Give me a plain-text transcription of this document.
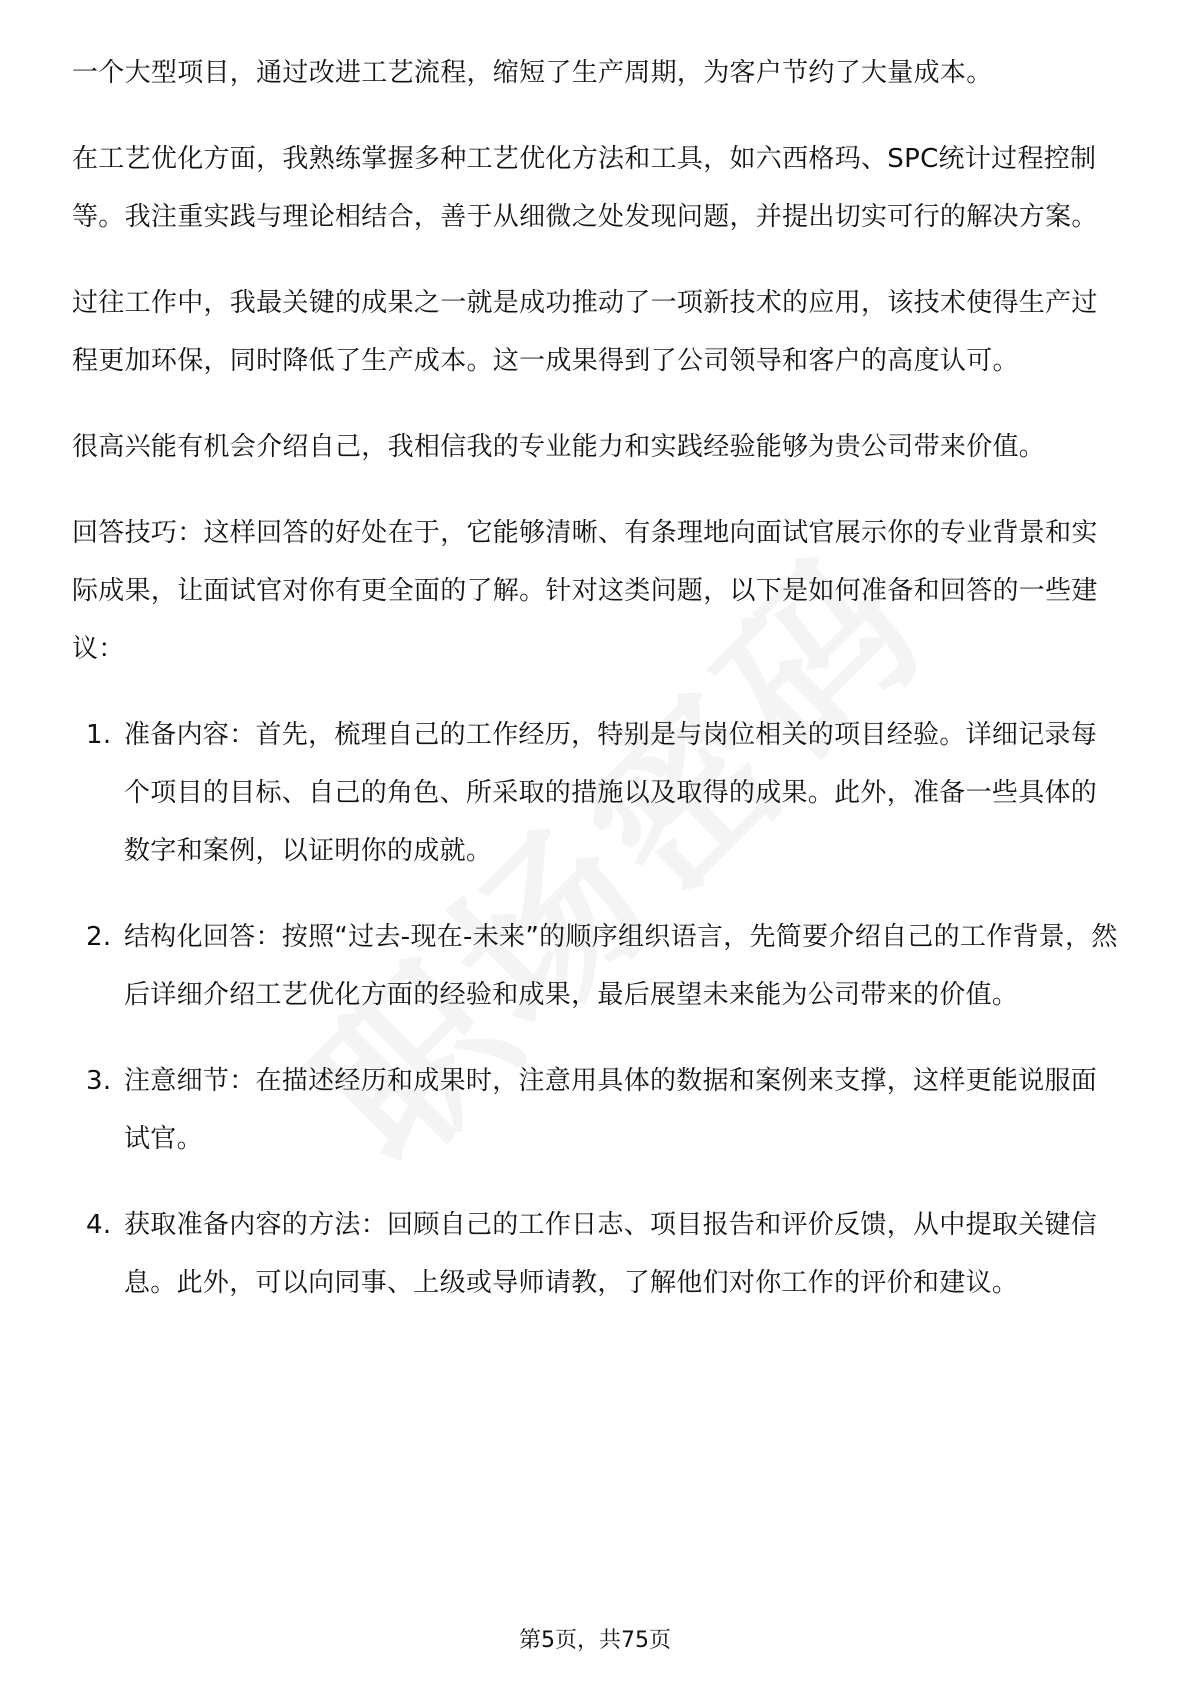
一个大型项目，通过改进工艺流程，缩短了生产周期，为客户节约了大量成本。

在工艺优化方面，我熟练掌握多种工艺优化方法和工具，如六西格玛、SPC统计过程控制等。我注重实践与理论相结合，善于从细微之处发现问题，并提出切实可行的解决方案。

过往工作中，我最关键的成果之一就是成功推动了一项新技术的应用，该技术使得生产过程更加环保，同时降低了生产成本。这一成果得到了公司领导和客户的高度认可。

很高兴能有机会介绍自己，我相信我的专业能力和实践经验能够为贵公司带来价值。

回答技巧：这样回答的好处在于，它能够清晰、有条理地向面试官展示你的专业背景和实际成果，让面试官对你有更全面的了解。针对这类问题，以下是如何准备和回答的一些建议：

1. 准备内容：首先，梳理自己的工作经历，特别是与岗位相关的项目经验。详细记录每个项目的目标、自己的角色、所采取的措施以及取得的成果。此外，准备一些具体的数字和案例，以证明你的成就。
2. 结构化回答：按照“过去-现在-未来”的顺序组织语言，先简要介绍自己的工作背景，然后详细介绍工艺优化方面的经验和成果，最后展望未来能为公司带来的价值。
3. 注意细节：在描述经历和成果时，注意用具体的数据和案例来支撑，这样更能说服面试官。
4. 获取准备内容的方法：回顾自己的工作日志、项目报告和评价反馈，从中提取关键信息。此外，可以向同事、上级或导师请教，了解他们对你工作的评价和建议。
第5页，共75页
